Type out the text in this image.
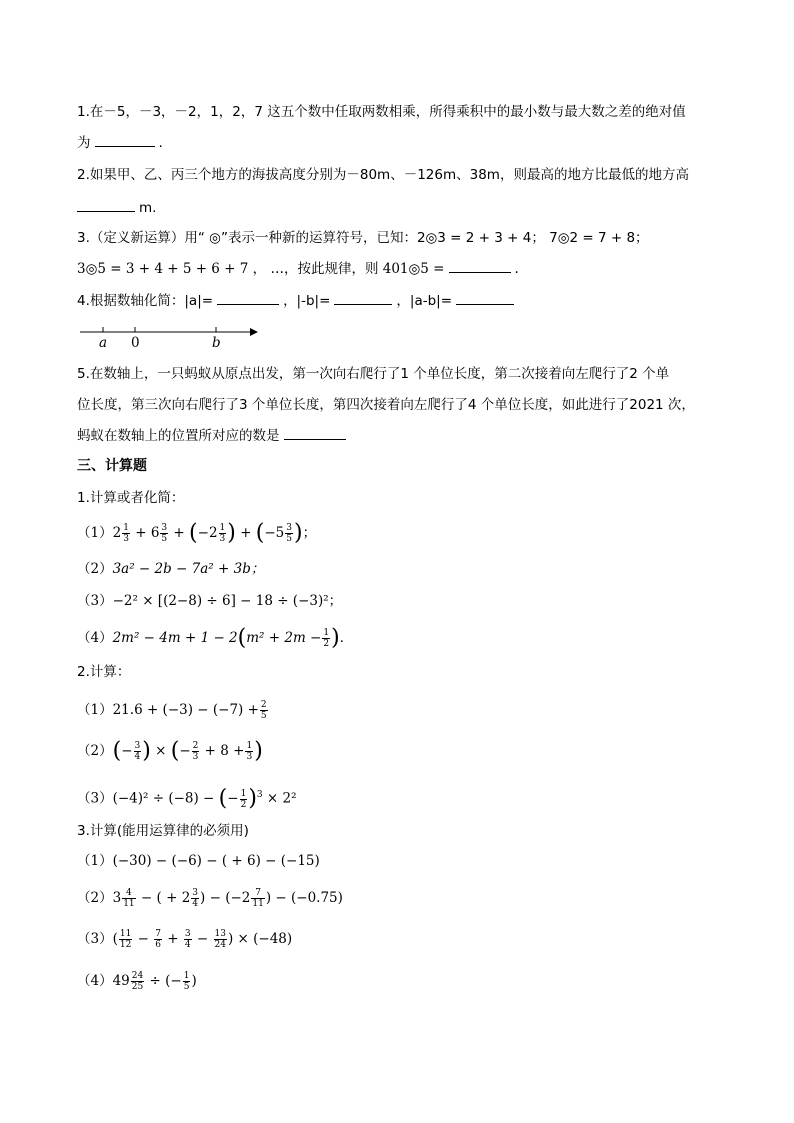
1.在－5，－3，－2，1，2，7 这五个数中任取两数相乘，所得乘积中的最小数与最大数之差的绝对值
为	.
2.如果甲、乙、丙三个地方的海拔高度分别为－80m、－126m、38m，则最高的地方比最低的地方高
m.
3.（定义新运算）用“ ◎”表示一种新的运算符号，已知：2◎3 = 2 + 3 + 4； 7◎2 = 7 + 8；
3◎5 = 3 + 4 + 5 + 6 + 7 ， …，按此规律，则 401◎5 =	.
4.根据数轴化简：|a|=	，|-b|=	，|a-b|=
a 0	b
5.在数轴上，一只蚂蚁从原点出发，第一次向右爬行了1 个单位长度，第二次接着向左爬行了2 个单
位长度，第三次向右爬行了3 个单位长度，第四次接着向左爬行了4 个单位长度，如此进行了2021 次，
蚂蚁在数轴上的位置所对应的数是
三、计算题
1.计算或者化简：
$(1)2 \frac{1}{3} + 6 \frac{3}{5} + (-2 \frac{1}{3}$ ) + ($-5 \frac{3}{5}$ )；
（2）3a² − 2b − 7a² + 3b；
（3）−2² × [(2−8) ÷ 6] − 18 ÷ (−3)²；
$(4)2m^2 - 4m + 1 - 2(m^2 + 2m - \frac{1}{2}$ )．
2.计算：
$(1)21.6 + (-3) - (-7) + \frac{2}{5}$
$(2)(- \frac{3}{4}$ ) × (− $\frac{2}{3} + 8 + \frac{1}{3}$ )
（3）(−4)² ÷ (−8) − (− $\frac{1}{2} )^3 \times 2^2$
3.计算(能用运算律的必须用)
（1）(−30) − (−6) − ( + 6) − (−15)
$(2)3 \frac{4}{11}$ − ( + $2 \frac{3}{4}$ ) − ($-2 \frac{7}{11}$ ) − (−0.75)
$(3)( \frac{11}{12} - \frac{7}{6} + \frac{3}{4} - \frac{13}{24}$ ) × (−48)
$(4)49 \frac{24}{25}$ ÷ (− $\frac{1}{5}$ )
